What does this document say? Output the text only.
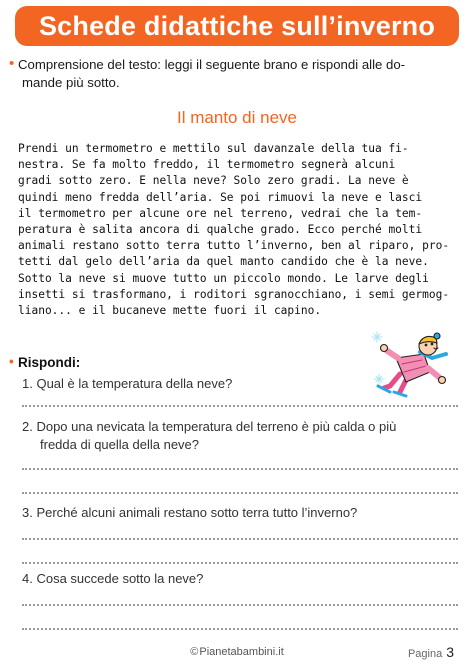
Schede didattiche sull’inverno
• Comprensione del testo: leggi il seguente brano e rispondi alle do-
mande più sotto.
Il manto di neve
Prendi un termometro e mettilo sul davanzale della tua fi-
nestra. Se fa molto freddo, il termometro segnerà alcuni
gradi sotto zero. E nella neve? Solo zero gradi. La neve è
quindi meno fredda dell’aria. Se poi rimuovi la neve e lasci
il termometro per alcune ore nel terreno, vedrai che la tem-
peratura è salita ancora di qualche grado. Ecco perché molti
animali restano sotto terra tutto l’inverno, ben al riparo, pro-
tetti dal gelo dell’aria da quel manto candido che è la neve.
Sotto la neve si muove tutto un piccolo mondo. Le larve degli
insetti si trasformano, i roditori sgranocchiano, i semi germog-
liano... e il bucaneve mette fuori il capino.
• Rispondi:
1. Qual è la temperatura della neve?
2. Dopo una nevicata la temperatura del terreno è più calda o più
fredda di quella della neve?
3. Perché alcuni animali restano sotto terra tutto l’inverno?
©Pianetabambini.it	Pagina 3
4. Cosa succede sotto la neve?
